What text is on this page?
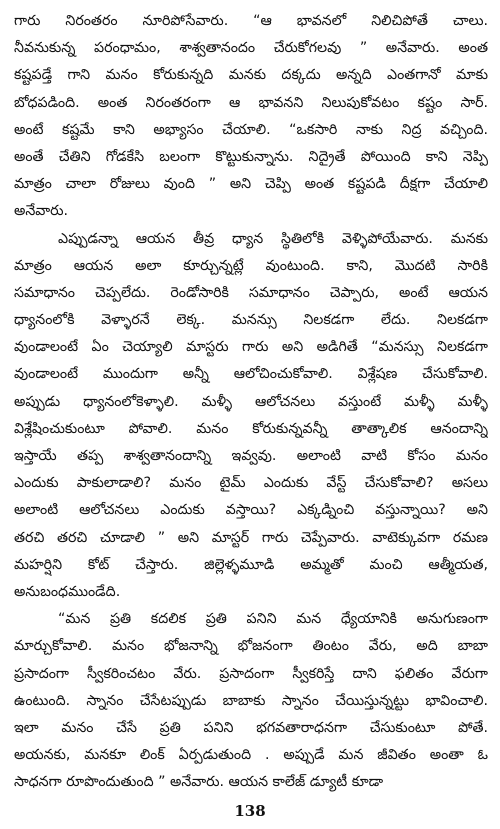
గారు నిరంతరం నూరిపోసేవారు. “ఆ భావనలో నిలిచిపోతే చాలు.
నీవనుకున్న పరంధామం, శాశ్వతానందం చేరుకోగలవు ” అనేవారు. అంత
కష్టపడ్తే గాని మనం కోరుకున్నది మనకు దక్కదు అన్నది ఎంతగానో మాకు
బోధపడింది. అంత నిరంతరంగా ఆ భావనని నిలుపుకోవటం కష్టం సార్.
అంటే కష్టమే కాని అభ్యాసం చేయాలి. “ఒకసారి నాకు నిద్ర వచ్చింది.
అంతే చేతిని గోడకేసి బలంగా కొట్టుకున్నాను. నిద్రైతే పోయింది కాని నెప్పి
మాత్రం చాలా రోజులు వుంది ” అని చెప్పి అంత కష్టపడి దీక్షగా చేయాలి
అనేవారు.
ఎప్పుడన్నా ఆయన తీవ్ర ధ్యాన స్థితిలోకి వెళ్ళిపోయేవారు. మనకు
మాత్రం ఆయన అలా కూర్చున్నట్లే వుంటుంది. కాని, మొదటి సారికి
సమాధానం చెప్పలేదు. రెండోసారికి సమాధానం చెప్పారు, అంటే ఆయన
ధ్యానంలోకి వెళ్ళారనే లెక్క. మనన్సు నిలకడగా లేదు. నిలకడగా
వుండాలంటే ఏం చెయ్యాలి మాస్టరు గారు అని అడిగితే “మనస్సు నిలకడగా
వుండాలంటే ముందుగా అన్నీ ఆలోచించుకోవాలి. విశ్లేషణ చేసుకోవాలి.
అప్పుడు ధ్యానంలోకెళ్ళాలి. మళ్ళీ ఆలోచనలు వస్తుంటే మళ్ళీ మళ్ళీ
విశ్లేషించుకుంటూ పోవాలి. మనం కోరుకున్నవన్నీ తాత్కాలిక ఆనందాన్ని
ఇస్తాయే తప్ప శాశ్వతానందాన్ని ఇవ్వవు. అలాంటి వాటి కోసం మనం
ఎందుకు పాకులాడాలి? మనం టైమ్ ఎందుకు వేస్ట్ చేసుకోవాలి? అసలు
అలాంటి ఆలోచనలు ఎందుకు వస్తాయి? ఎక్కడ్నించి వస్తున్నాయి? అని
తరచి తరచి చూడాలి ” అని మాస్టర్ గారు చెప్పేవారు. వాటెక్కువగా రమణ
మహర్షిని కోట్ చేస్తారు. జిల్లెళ్ళమూడి అమ్మతో మంచి ఆత్మీయత,
అనుబంధముండేది.
“మన ప్రతి కదలిక ప్రతి పనిని మన ధ్యేయానికి అనుగుణంగా
మార్చుకోవాలి. మనం భోజనాన్ని భోజనంగా తింటం వేరు, అది బాబా
ప్రసాదంగా స్వీకరించటం వేరు. ప్రసాదంగా స్వీకరిస్తే దాని ఫలితం వేరుగా
ఉంటుంది. స్నానం చేసేటప్పుడు బాబాకు స్నానం చేయిస్తున్నట్టు భావించాలి.
ఇలా మనం చేసే ప్రతి పనిని భగవతారాధనగా చేసుకుంటూ పోతే.
అయనకు, మనకూ లింక్ ఏర్పడుతుంది . అప్పుడే మన జీవితం అంతా ఓ
సాధనగా రూపొందుతుంది ” అనేవారు. ఆయన కాలేజ్ డ్యూటీ కూడా
138
